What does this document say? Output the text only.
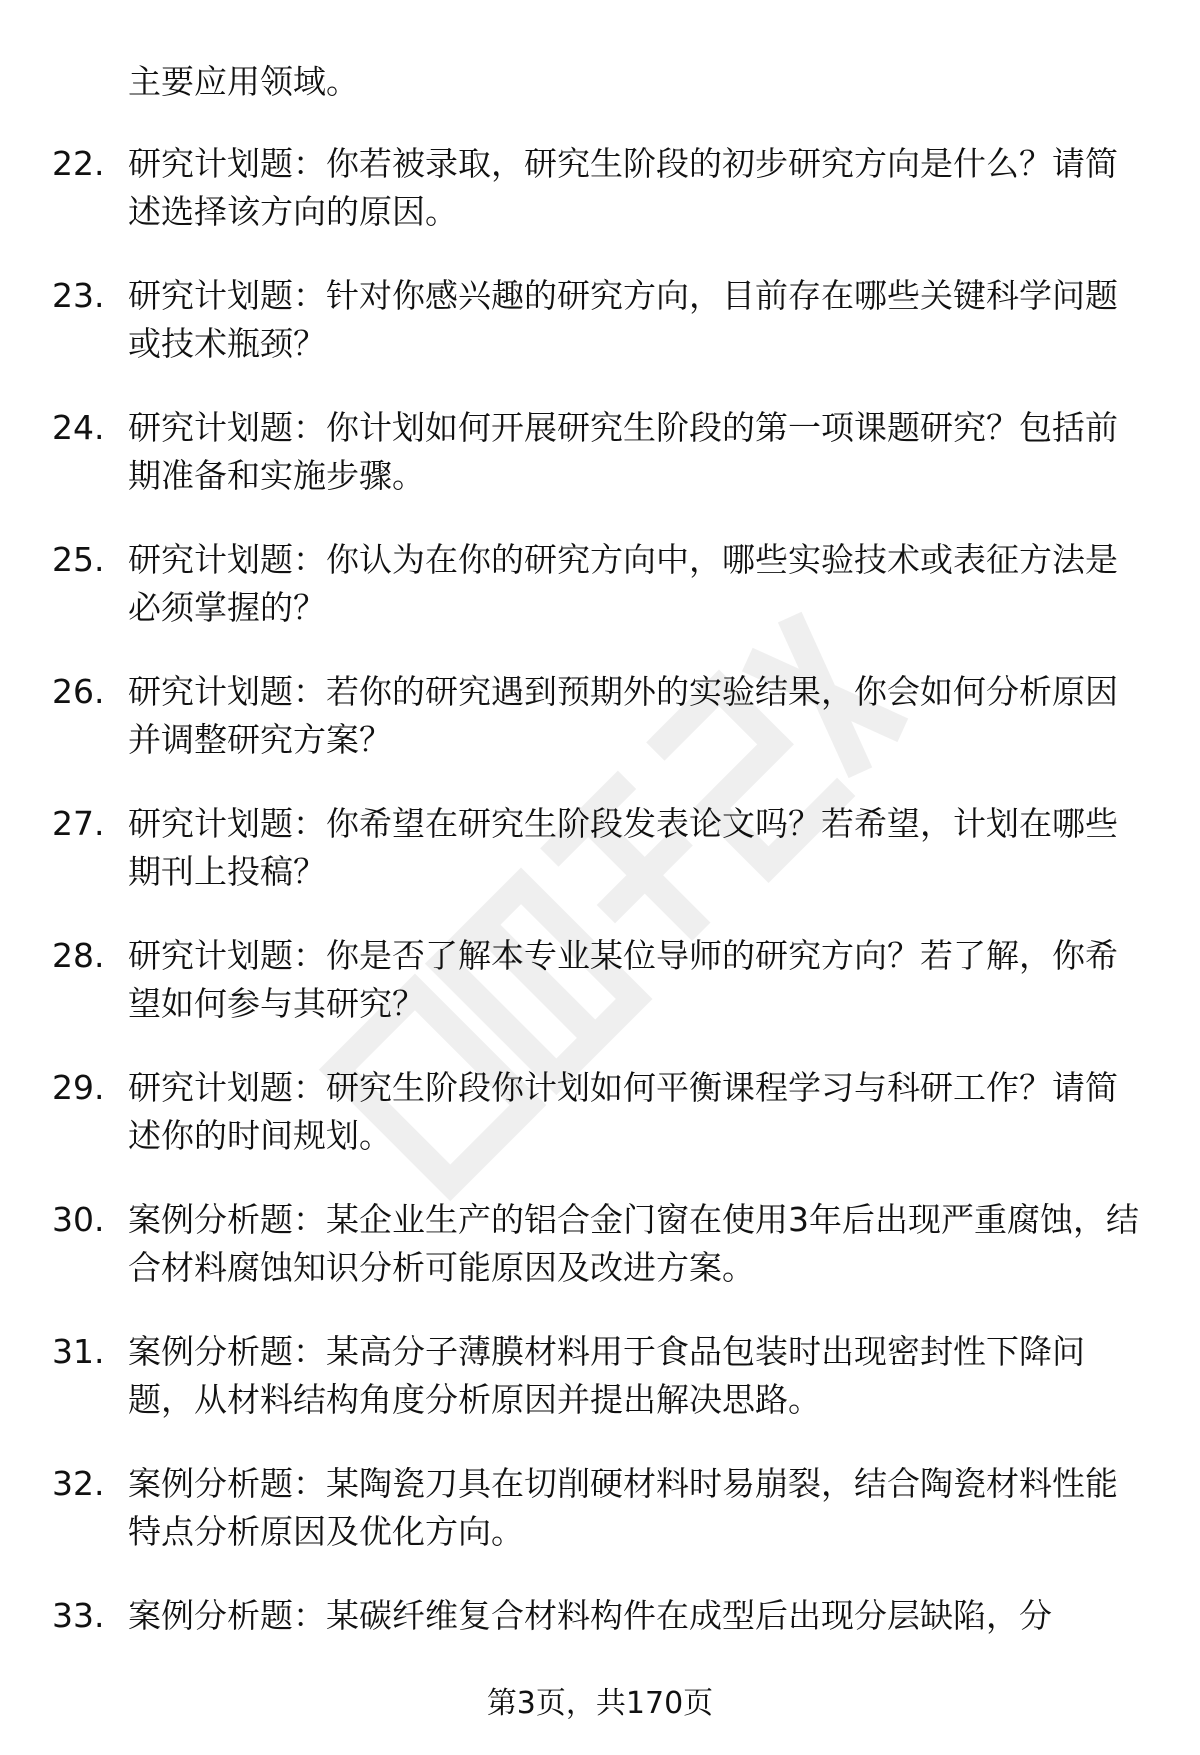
主要应用领域。

22. 研究计划题：你若被录取，研究生阶段的初步研究方向是什么？请简述选择该方向的原因。

23. 研究计划题：针对你感兴趣的研究方向，目前存在哪些关键科学问题或技术瓶颈？

24. 研究计划题：你计划如何开展研究生阶段的第一项课题研究？包括前期准备和实施步骤。

25. 研究计划题：你认为在你的研究方向中，哪些实验技术或表征方法是必须掌握的？

26. 研究计划题：若你的研究遇到预期外的实验结果，你会如何分析原因并调整研究方案？

27. 研究计划题：你希望在研究生阶段发表论文吗？若希望，计划在哪些期刊上投稿？

28. 研究计划题：你是否了解本专业某位导师的研究方向？若了解，你希望如何参与其研究？

29. 研究计划题：研究生阶段你计划如何平衡课程学习与科研工作？请简述你的时间规划。

30. 案例分析题：某企业生产的铝合金门窗在使用3年后出现严重腐蚀，结合材料腐蚀知识分析可能原因及改进方案。

31. 案例分析题：某高分子薄膜材料用于食品包装时出现密封性下降问题，从材料结构角度分析原因并提出解决思路。

32. 案例分析题：某陶瓷刀具在切削硬材料时易崩裂，结合陶瓷材料性能特点分析原因及优化方向。

33. 案例分析题：某碳纤维复合材料构件在成型后出现分层缺陷，分

第3页，共170页
